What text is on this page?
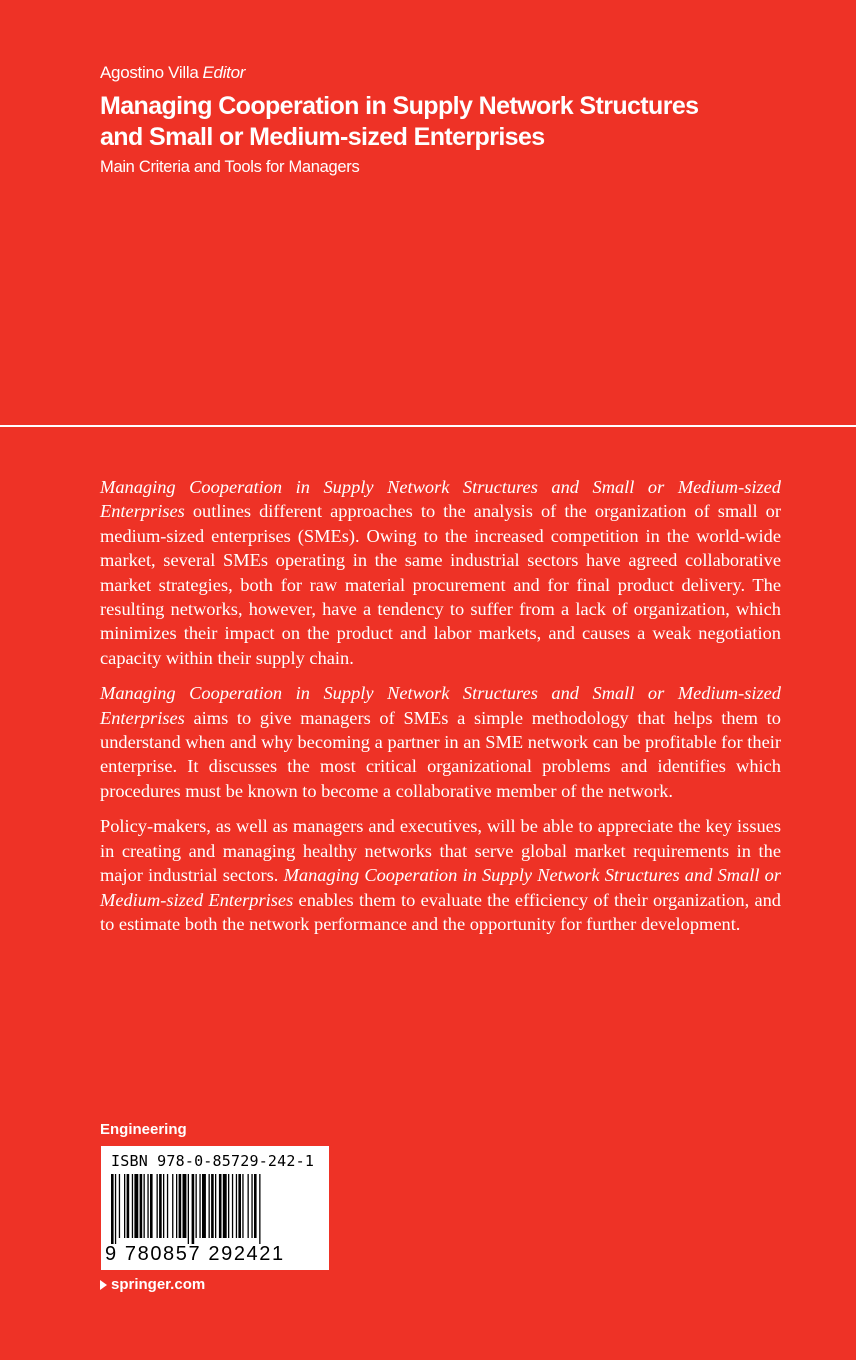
Agostino Villa Editor
Managing Cooperation in Supply Network Structures
and Small or Medium-sized Enterprises
Main Criteria and Tools for Managers

Managing Cooperation in Supply Network Structures and Small or Medium-sized Enterprises outlines different approaches to the analysis of the organization of small or medium-sized enterprises (SMEs). Owing to the increased competition in the world-wide market, several SMEs operating in the same industrial sectors have agreed collaborative market strategies, both for raw material procurement and for final product delivery. The resulting networks, however, have a tendency to suffer from a lack of organization, which minimizes their impact on the product and labor markets, and causes a weak negotiation capacity within their supply chain.

Managing Cooperation in Supply Network Structures and Small or Medium-sized Enterprises aims to give managers of SMEs a simple methodology that helps them to understand when and why becoming a partner in an SME network can be profitable for their enterprise. It discusses the most critical organizational problems and identifies which procedures must be known to become a collaborative member of the network.

Policy-makers, as well as managers and executives, will be able to appreciate the key issues in creating and managing healthy networks that serve global market requirements in the major industrial sectors. Managing Cooperation in Supply Network Structures and Small or Medium-sized Enterprises enables them to evaluate the efficiency of their organization, and to estimate both the network performance and the opportunity for further development.

Engineering
ISBN 978-0-85729-242-1
9 780857 292421
springer.com
